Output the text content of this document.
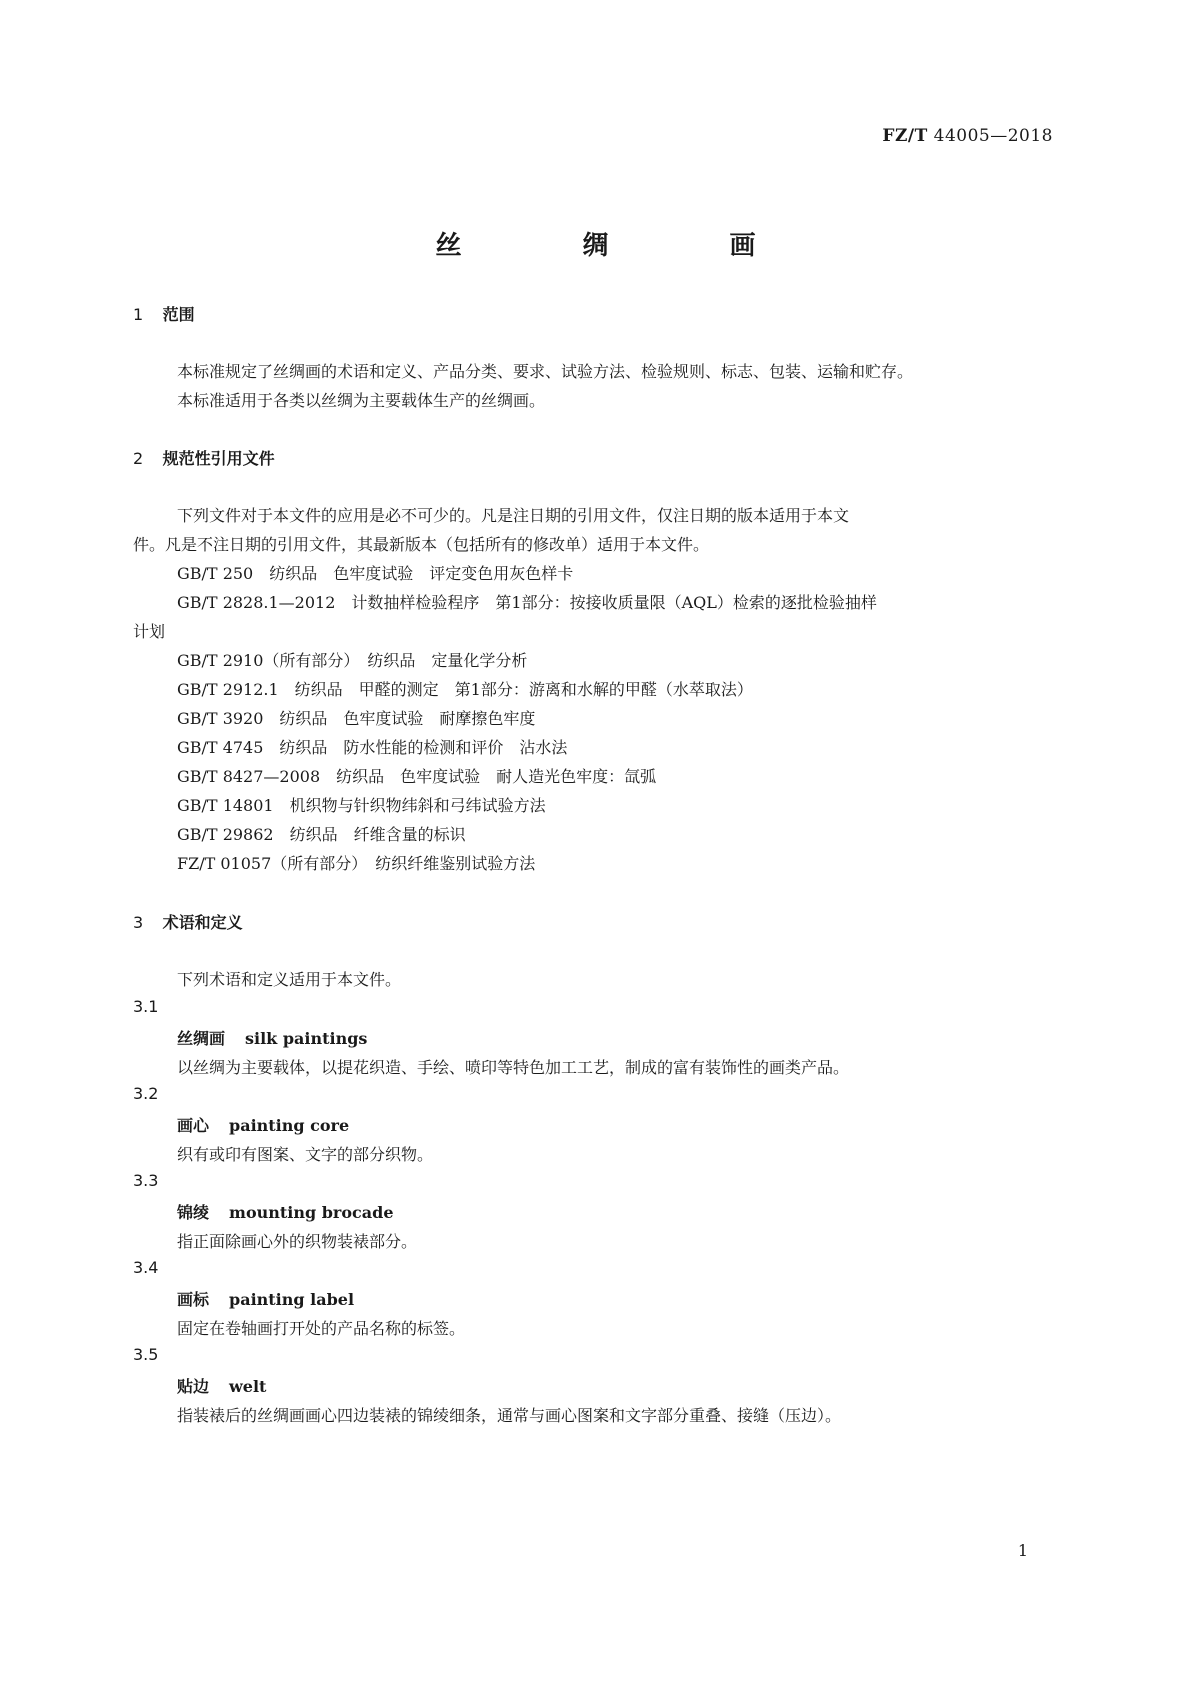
FZ/T 44005—2018
丝 绸 画
1 范围
本标准规定了丝绸画的术语和定义、产品分类、要求、试验方法、检验规则、标志、包装、运输和贮存。
本标准适用于各类以丝绸为主要载体生产的丝绸画。
2 规范性引用文件
下列文件对于本文件的应用是必不可少的。凡是注日期的引用文件，仅注日期的版本适用于本文
件。凡是不注日期的引用文件，其最新版本（包括所有的修改单）适用于本文件。
GB/T 250　纺织品　色牢度试验　评定变色用灰色样卡
GB/T 2828.1—2012　计数抽样检验程序　第1部分：按接收质量限（AQL）检索的逐批检验抽样
计划
GB/T 2910（所有部分）　纺织品　定量化学分析
GB/T 2912.1　纺织品　甲醛的测定　第1部分：游离和水解的甲醛（水萃取法）
GB/T 3920　纺织品　色牢度试验　耐摩擦色牢度
GB/T 4745　纺织品　防水性能的检测和评价　沾水法
GB/T 8427—2008　纺织品　色牢度试验　耐人造光色牢度：氙弧
GB/T 14801　机织物与针织物纬斜和弓纬试验方法
GB/T 29862　纺织品　纤维含量的标识
FZ/T 01057（所有部分）　纺织纤维鉴别试验方法
3 术语和定义
下列术语和定义适用于本文件。
3.1
丝绸画 silk paintings
以丝绸为主要载体，以提花织造、手绘、喷印等特色加工工艺，制成的富有装饰性的画类产品。
3.2
画心 painting core
织有或印有图案、文字的部分织物。
3.3
锦绫 mounting brocade
指正面除画心外的织物装裱部分。
3.4
画标 painting label
固定在卷轴画打开处的产品名称的标签。
3.5
贴边 welt
指装裱后的丝绸画画心四边装裱的锦绫细条，通常与画心图案和文字部分重叠、接缝（压边）。
1
